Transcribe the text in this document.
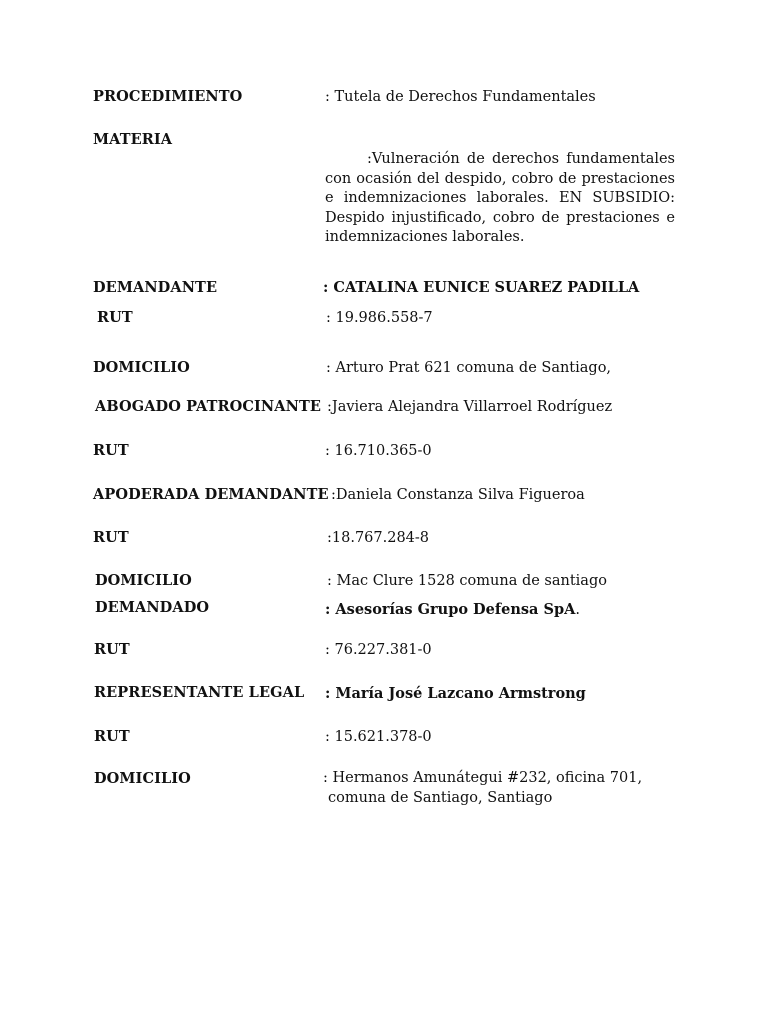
PROCEDIMIENTO	: Tutela de Derechos Fundamentales
MATERIA
:Vulneración de derechos fundamentales con ocasión del despido, cobro de prestaciones e indemnizaciones laborales. EN SUBSIDIO: Despido injustificado, cobro de prestaciones e indemnizaciones laborales.
DEMANDANTE	: CATALINA EUNICE SUAREZ PADILLA
RUT	: 19.986.558-7
DOMICILIO	: Arturo Prat 621 comuna de Santiago,
ABOGADO PATROCINANTE :Javiera Alejandra Villarroel Rodríguez
RUT	: 16.710.365-0
APODERADA DEMANDANTE :Daniela Constanza Silva Figueroa
RUT	:18.767.284-8
DOMICILIO	: Mac Clure 1528 comuna de santiago
DEMANDADO	: Asesorías Grupo Defensa SpA.
RUT	: 76.227.381-0
REPRESENTANTE LEGAL : María José Lazcano Armstrong
RUT	: 15.621.378-0
DOMICILIO	: Hermanos Amunátegui #232, oficina 701,
comuna de Santiago, Santiago
